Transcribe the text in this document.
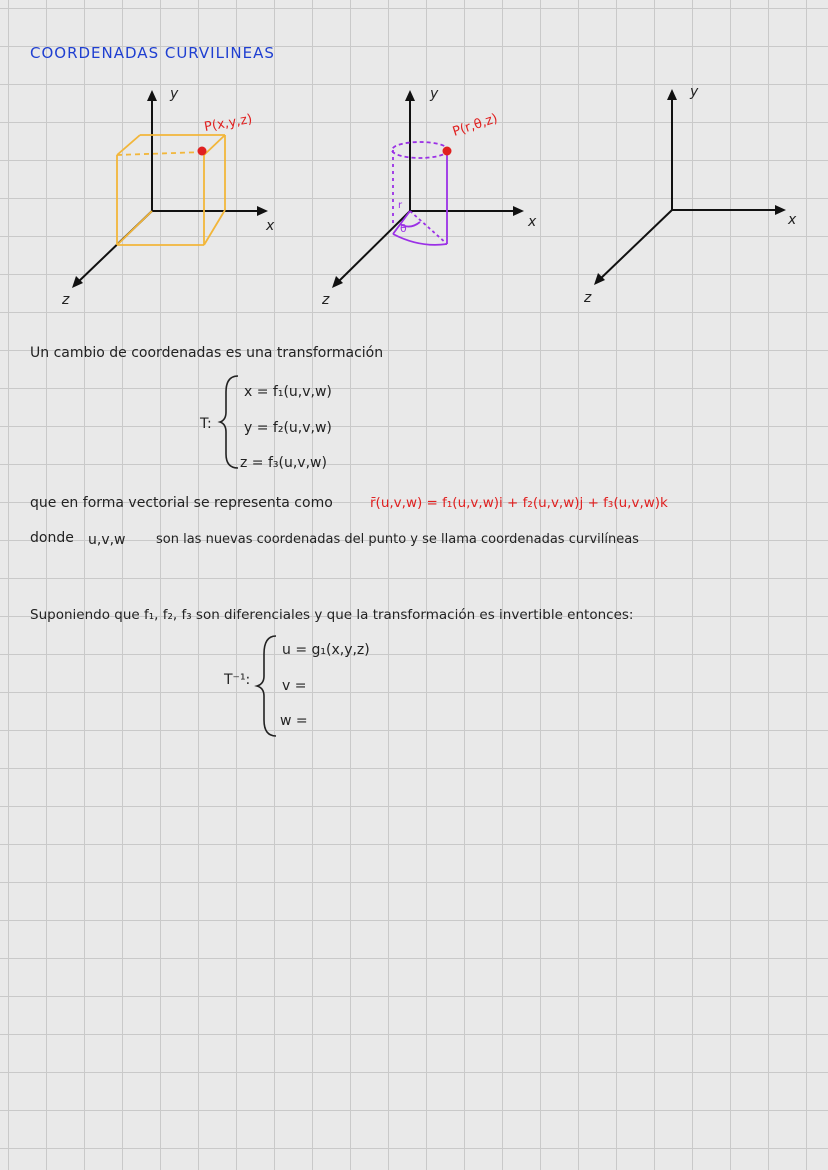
COORDENADAS CURVILINEAS
y
x
z
P(x,y,z)
y
x
z
P(r,θ,z)
r
θ
y
x
z
Un cambio de coordenadas es una transformación
T:
x = f₁(u,v,w)
y = f₂(u,v,w)
z = f₃(u,v,w)
que en forma vectorial se representa como	r̄(u,v,w) = f₁(u,v,w)i + f₂(u,v,w)j + f₃(u,v,w)k
donde u,v,w son las nuevas coordenadas del punto y se llama coordenadas curvilíneas
Suponiendo que f₁, f₂, f₃ son diferenciales y que la transformación es invertible entonces:
T⁻¹:
u = g₁(x,y,z)
v =
w =
